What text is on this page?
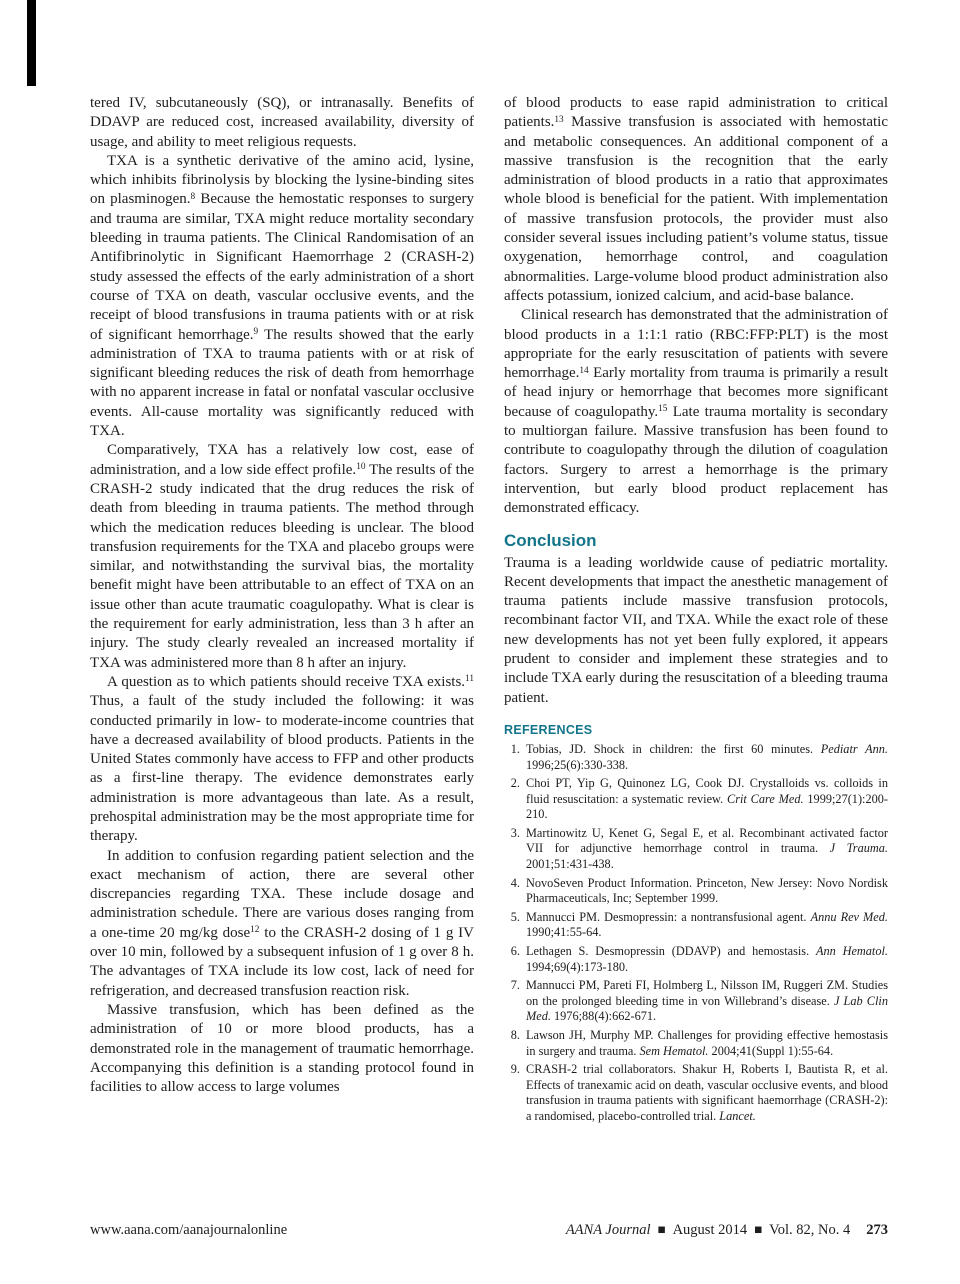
tered IV, subcutaneously (SQ), or intranasally. Benefits of DDAVP are reduced cost, increased availability, diversity of usage, and ability to meet religious requests.

TXA is a synthetic derivative of the amino acid, lysine, which inhibits fibrinolysis by blocking the lysine-binding sites on plasminogen.$^8$ Because the hemostatic responses to surgery and trauma are similar, TXA might reduce mortality secondary bleeding in trauma patients. The Clinical Randomisation of an Antifibrinolytic in Significant Haemorrhage 2 (CRASH-2) study assessed the effects of the early administration of a short course of TXA on death, vascular occlusive events, and the receipt of blood transfusions in trauma patients with or at risk of significant hemorrhage.$^9$ The results showed that the early administration of TXA to trauma patients with or at risk of significant bleeding reduces the risk of death from hemorrhage with no apparent increase in fatal or nonfatal vascular occlusive events. All-cause mortality was significantly reduced with TXA.

Comparatively, TXA has a relatively low cost, ease of administration, and a low side effect profile.$^{10}$ The results of the CRASH-2 study indicated that the drug reduces the risk of death from bleeding in trauma patients. The method through which the medication reduces bleeding is unclear. The blood transfusion requirements for the TXA and placebo groups were similar, and notwithstanding the survival bias, the mortality benefit might have been attributable to an effect of TXA on an issue other than acute traumatic coagulopathy. What is clear is the requirement for early administration, less than 3 h after an injury. The study clearly revealed an increased mortality if TXA was administered more than 8 h after an injury.

A question as to which patients should receive TXA exists.$^{11}$ Thus, a fault of the study included the following: it was conducted primarily in low- to moderate-income countries that have a decreased availability of blood products. Patients in the United States commonly have access to FFP and other products as a first-line therapy. The evidence demonstrates early administration is more advantageous than late. As a result, prehospital administration may be the most appropriate time for therapy.

In addition to confusion regarding patient selection and the exact mechanism of action, there are several other discrepancies regarding TXA. These include dosage and administration schedule. There are various doses ranging from a one-time 20 mg/kg dose$^{12}$ to the CRASH-2 dosing of 1 g IV over 10 min, followed by a subsequent infusion of 1 g over 8 h. The advantages of TXA include its low cost, lack of need for refrigeration, and decreased transfusion reaction risk.

Massive transfusion, which has been defined as the administration of 10 or more blood products, has a demonstrated role in the management of traumatic hemorrhage. Accompanying this definition is a standing protocol found in facilities to allow access to large volumes

of blood products to ease rapid administration to critical patients.$^{13}$ Massive transfusion is associated with hemostatic and metabolic consequences. An additional component of a massive transfusion is the recognition that the early administration of blood products in a ratio that approximates whole blood is beneficial for the patient. With implementation of massive transfusion protocols, the provider must also consider several issues including patient’s volume status, tissue oxygenation, hemorrhage control, and coagulation abnormalities. Large-volume blood product administration also affects potassium, ionized calcium, and acid-base balance.

Clinical research has demonstrated that the administration of blood products in a 1:1:1 ratio (RBC:FFP:PLT) is the most appropriate for the early resuscitation of patients with severe hemorrhage.$^{14}$ Early mortality from trauma is primarily a result of head injury or hemorrhage that becomes more significant because of coagulopathy.$^{15}$ Late trauma mortality is secondary to multiorgan failure. Massive transfusion has been found to contribute to coagulopathy through the dilution of coagulation factors. Surgery to arrest a hemorrhage is the primary intervention, but early blood product replacement has demonstrated efficacy.

Conclusion

Trauma is a leading worldwide cause of pediatric mortality. Recent developments that impact the anesthetic management of trauma patients include massive transfusion protocols, recombinant factor VII, and TXA. While the exact role of these new developments has not yet been fully explored, it appears prudent to consider and implement these strategies and to include TXA early during the resuscitation of a bleeding trauma patient.

REFERENCES
1. Tobias, JD. Shock in children: the first 60 minutes. Pediatr Ann. 1996;25(6):330-338.
2. Choi PT, Yip G, Quinonez LG, Cook DJ. Crystalloids vs. colloids in fluid resuscitation: a systematic review. Crit Care Med. 1999;27(1):200-210.
3. Martinowitz U, Kenet G, Segal E, et al. Recombinant activated factor VII for adjunctive hemorrhage control in trauma. J Trauma. 2001;51:431-438.
4. NovoSeven Product Information. Princeton, New Jersey: Novo Nordisk Pharmaceuticals, Inc; September 1999.
5. Mannucci PM. Desmopressin: a nontransfusional agent. Annu Rev Med. 1990;41:55-64.
6. Lethagen S. Desmopressin (DDAVP) and hemostasis. Ann Hematol. 1994;69(4):173-180.
7. Mannucci PM, Pareti FI, Holmberg L, Nilsson IM, Ruggeri ZM. Studies on the prolonged bleeding time in von Willebrand’s disease. J Lab Clin Med. 1976;88(4):662-671.
8. Lawson JH, Murphy MP. Challenges for providing effective hemostasis in surgery and trauma. Sem Hematol. 2004;41(Suppl 1):55-64.
9. CRASH-2 trial collaborators. Shakur H, Roberts I, Bautista R, et al. Effects of tranexamic acid on death, vascular occlusive events, and blood transfusion in trauma patients with significant haemorrhage (CRASH-2): a randomised, placebo-controlled trial. Lancet.
www.aana.com/aanajournalonline	AANA Journal ■ August 2014 ■ Vol. 82, No. 4 273
